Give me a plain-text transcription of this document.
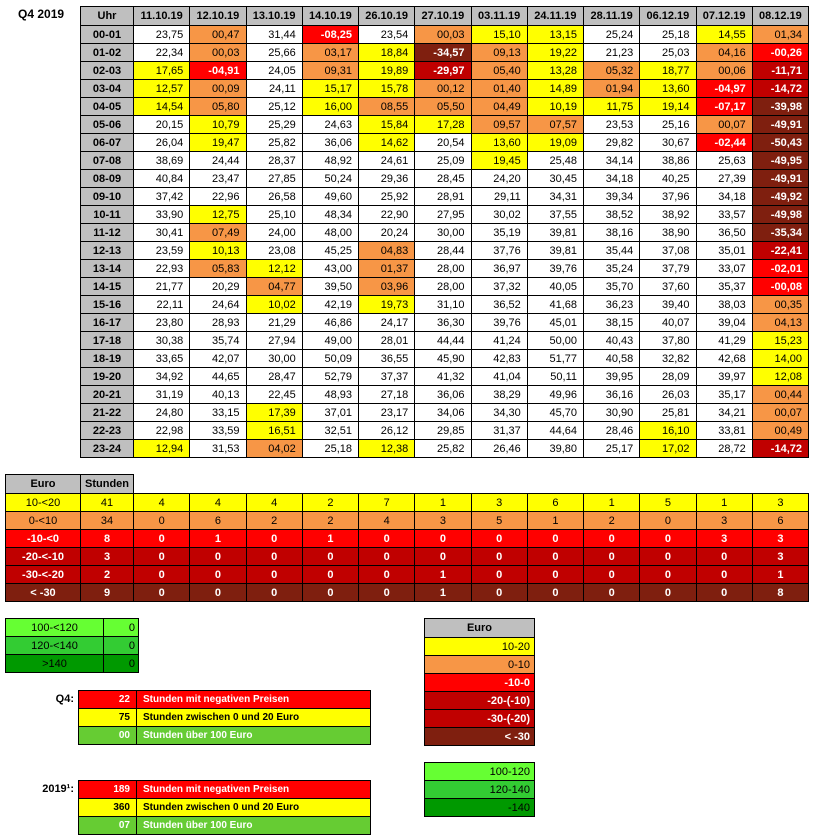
Q4 2019	Uhr	11.10.19	12.10.19	13.10.19	14.10.19	26.10.19	27.10.19	03.11.19	24.11.19	28.11.19	06.12.19	07.12.19	08.12.19
00-01	23,75	00,47	31,44	-08,25	23,54	00,03	15,10	13,15	25,24	25,18	14,55	01,34
01-02	22,34	00,03	25,66	03,17	18,84	-34,57	09,13	19,22	21,23	25,03	04,16	-00,26
02-03	17,65	-04,91	24,05	09,31	19,89	-29,97	05,40	13,28	05,32	18,77	00,06	-11,71
03-04	12,57	00,09	24,11	15,17	15,78	00,12	01,40	14,89	01,94	13,60	-04,97	-14,72
04-05	14,54	05,80	25,12	16,00	08,55	05,50	04,49	10,19	11,75	19,14	-07,17	-39,98
05-06	20,15	10,79	25,29	24,63	15,84	17,28	09,57	07,57	23,53	25,16	00,07	-49,91
06-07	26,04	19,47	25,82	36,06	14,62	20,54	13,60	19,09	29,82	30,67	-02,44	-50,43
07-08	38,69	24,44	28,37	48,92	24,61	25,09	19,45	25,48	34,14	38,86	25,63	-49,95
08-09	40,84	23,47	27,85	50,24	29,36	28,45	24,20	30,45	34,18	40,25	27,39	-49,91
09-10	37,42	22,96	26,58	49,60	25,92	28,91	29,11	34,31	39,34	37,96	34,18	-49,92
10-11	33,90	12,75	25,10	48,34	22,90	27,95	30,02	37,55	38,52	38,92	33,57	-49,98
11-12	30,41	07,49	24,00	48,00	20,24	30,00	35,19	39,81	38,16	38,90	36,50	-35,34
12-13	23,59	10,13	23,08	45,25	04,83	28,44	37,76	39,81	35,44	37,08	35,01	-22,41
13-14	22,93	05,83	12,12	43,00	01,37	28,00	36,97	39,76	35,24	37,79	33,07	-02,01
14-15	21,77	20,29	04,77	39,50	03,96	28,00	37,32	40,05	35,70	37,60	35,37	-00,08
15-16	22,11	24,64	10,02	42,19	19,73	31,10	36,52	41,68	36,23	39,40	38,03	00,35
16-17	23,80	28,93	21,29	46,86	24,17	36,30	39,76	45,01	38,15	40,07	39,04	04,13
17-18	30,38	35,74	27,94	49,00	28,01	44,44	41,24	50,00	40,43	37,80	41,29	15,23
18-19	33,65	42,07	30,00	50,09	36,55	45,90	42,83	51,77	40,58	32,82	42,68	14,00
19-20	34,92	44,65	28,47	52,79	37,37	41,32	41,04	50,11	39,95	28,09	39,97	12,08
20-21	31,19	40,13	22,45	48,93	27,18	36,06	38,29	49,96	36,16	26,03	35,17	00,44
21-22	24,80	33,15	17,39	37,01	23,17	34,06	34,30	45,70	30,90	25,81	34,21	00,07
22-23	22,98	33,59	16,51	32,51	26,12	29,85	31,37	44,64	28,46	16,10	33,81	00,49
23-24	12,94	31,53	04,02	25,18	12,38	25,82	26,46	39,80	25,17	17,02	28,72	-14,72
Euro	Stunden												
10-<20	41	4	4	4	2	7	1	3	6	1	5	1	3
0-<10	34	0	6	2	2	4	3	5	1	2	0	3	6
-10-<0	8	0	1	0	1	0	0	0	0	0	0	3	3
-20-<-10	3	0	0	0	0	0	0	0	0	0	0	0	3
-30-<-20	2	0	0	0	0	0	1	0	0	0	0	0	1
< -30	9	0	0	0	0	0	1	0	0	0	0	0	8
100-<120	0
120-<140	0
>140	0
Q4:	22	Stunden mit negativen Preisen
75	Stunden zwischen 0 und 20 Euro
00	Stunden über 100 Euro
2019¹:	189	Stunden mit negativen Preisen
360	Stunden zwischen 0 und 20 Euro
07	Stunden über 100 Euro
Euro
10-20
0-10
-10-0
-20-(-10)
-30-(-20)
< -30
100-120
120-140
-140
